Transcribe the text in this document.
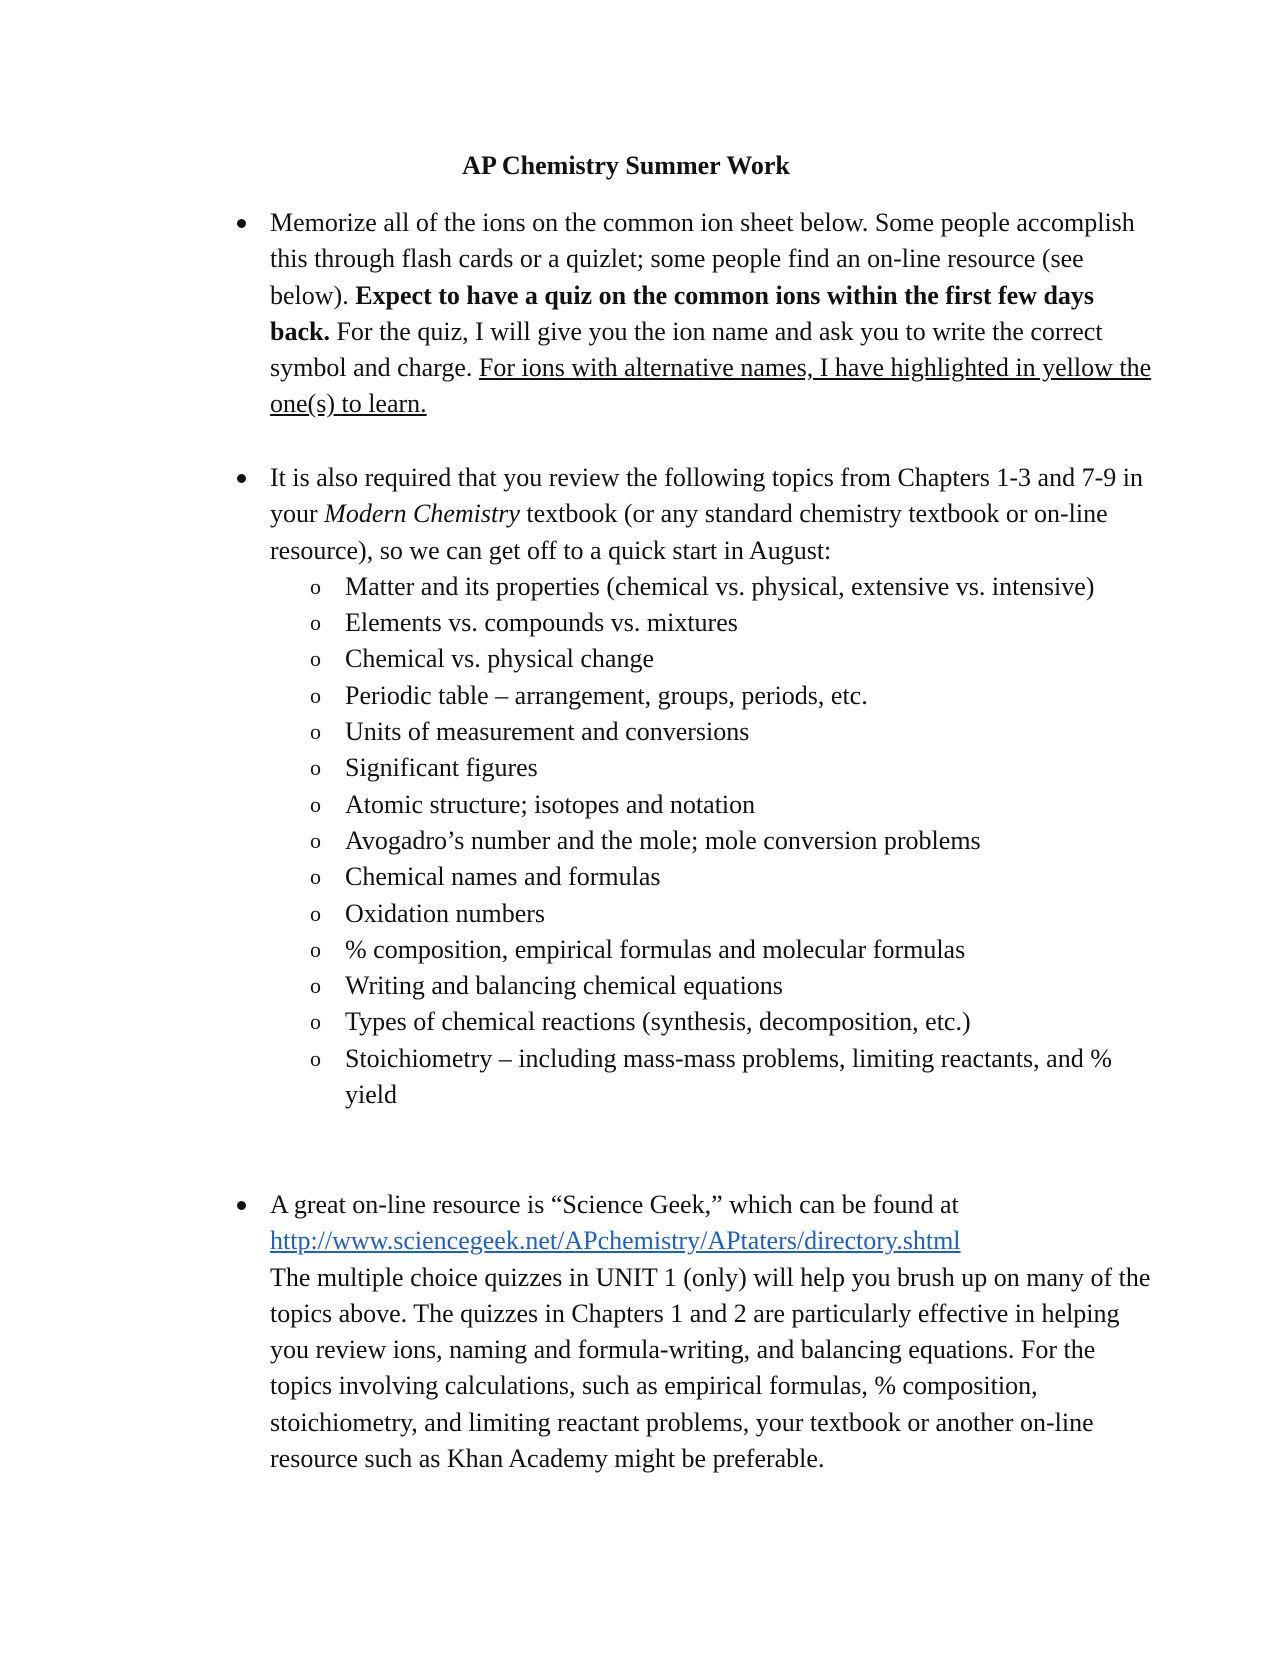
AP Chemistry Summer Work

Memorize all of the ions on the common ion sheet below. Some people accomplish this through flash cards or a quizlet; some people find an on-line resource (see below). Expect to have a quiz on the common ions within the first few days back. For the quiz, I will give you the ion name and ask you to write the correct symbol and charge. For ions with alternative names, I have highlighted in yellow the one(s) to learn.

It is also required that you review the following topics from Chapters 1-3 and 7-9 in your Modern Chemistry textbook (or any standard chemistry textbook or on-line resource), so we can get off to a quick start in August:

o Matter and its properties (chemical vs. physical, extensive vs. intensive)
o Elements vs. compounds vs. mixtures
o Chemical vs. physical change
o Periodic table – arrangement, groups, periods, etc.
o Units of measurement and conversions
o Significant figures
o Atomic structure; isotopes and notation
o Avogadro’s number and the mole; mole conversion problems
o Chemical names and formulas
o Oxidation numbers
o % composition, empirical formulas and molecular formulas
o Writing and balancing chemical equations
o Types of chemical reactions (synthesis, decomposition, etc.)
o Stoichiometry – including mass-mass problems, limiting reactants, and % yield

A great on-line resource is “Science Geek,” which can be found at

http://www.sciencegeek.net/APchemistry/APtaters/directory.shtml

The multiple choice quizzes in UNIT 1 (only) will help you brush up on many of the topics above. The quizzes in Chapters 1 and 2 are particularly effective in helping you review ions, naming and formula-writing, and balancing equations. For the topics involving calculations, such as empirical formulas, % composition, stoichiometry, and limiting reactant problems, your textbook or another on-line resource such as Khan Academy might be preferable.
